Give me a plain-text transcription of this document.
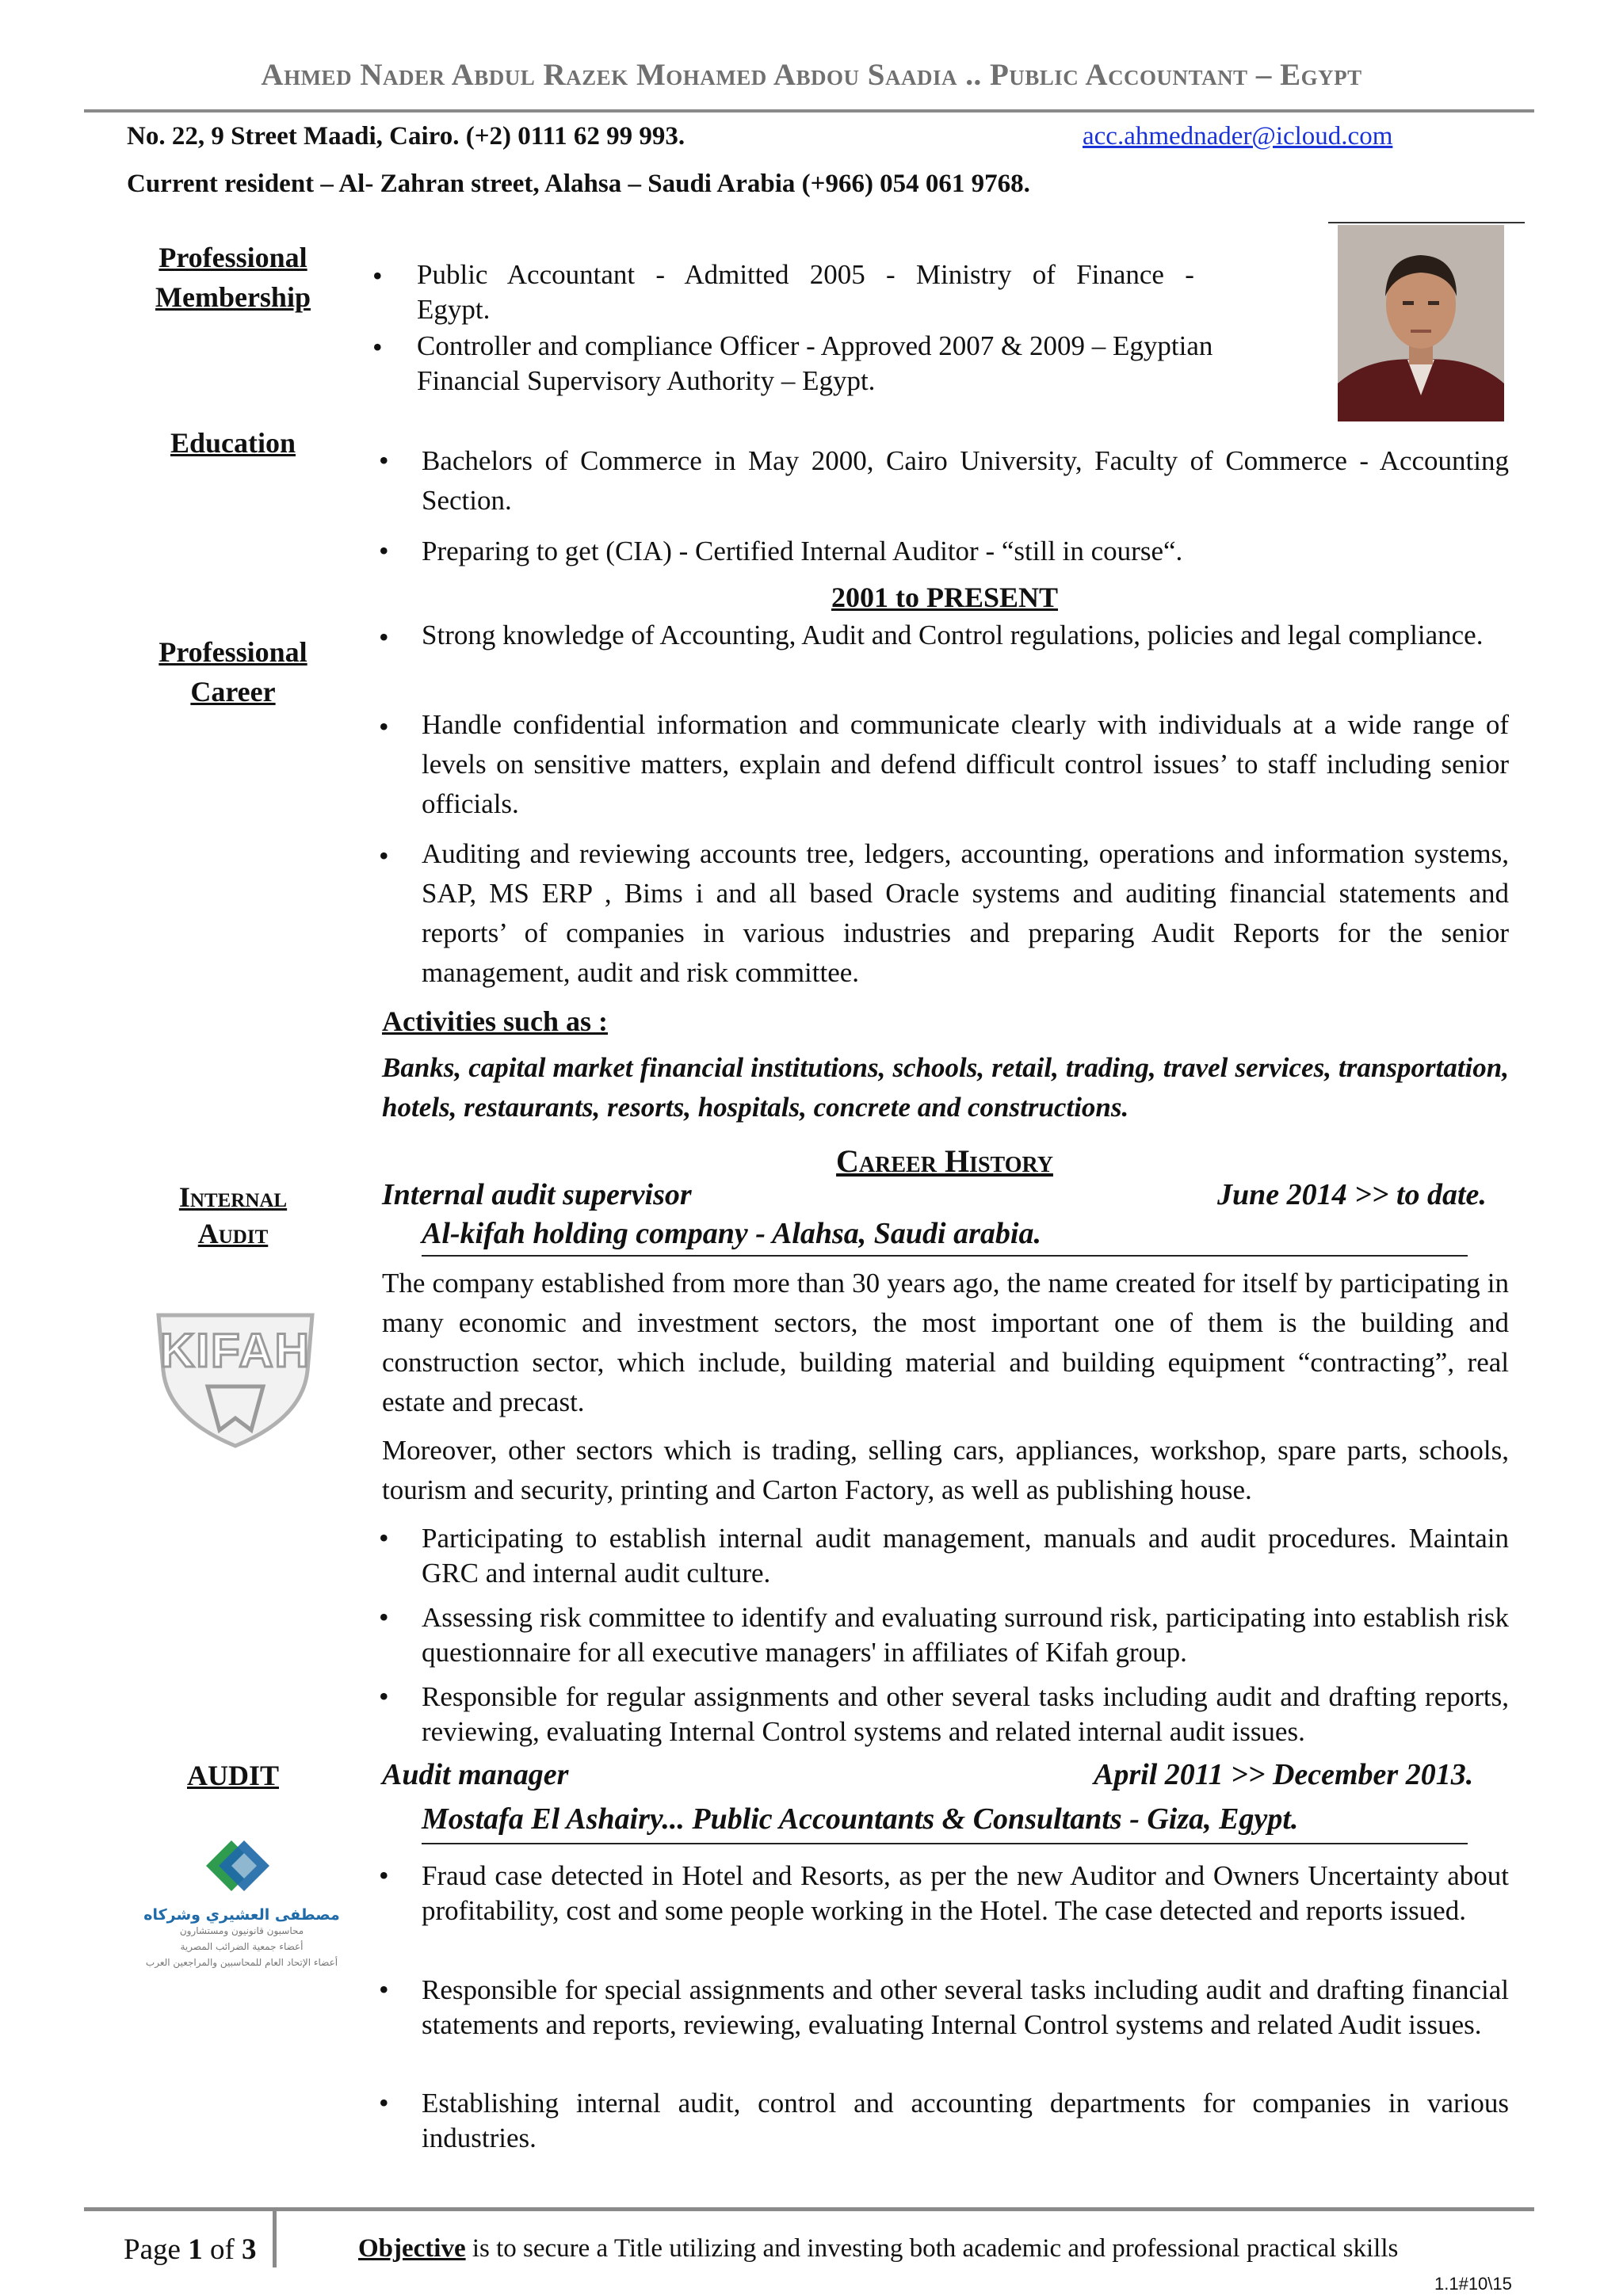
Ahmed Nader Abdul Razek Mohamed Abdou Saadia .. Public Accountant – Egypt
No. 22, 9 Street Maadi, Cairo. (+2) 0111 62 99 993.	acc.ahmednader@icloud.com
Current resident – Al- Zahran street, Alahsa – Saudi Arabia (+966) 054 061 9768.
Professional
Membership
• Public   Accountant   -   Admitted   2005   -   Ministry   of   Finance   -
Egypt.
• Controller and compliance Officer - Approved 2007 & 2009 – Egyptian
Financial Supervisory Authority – Egypt.
Education
• Bachelors of Commerce in May 2000, Cairo University, Faculty of Commerce - Accounting Section.
• Preparing to get (CIA) - Certified Internal Auditor - “still in course“.
2001 to PRESENT
Professional
Career
• Strong knowledge of Accounting, Audit and Control regulations, policies and legal compliance.
• Handle confidential information and communicate clearly with individuals at a wide range of levels on sensitive matters, explain and defend difficult control issues’ to staff including senior officials.
• Auditing and reviewing accounts tree, ledgers, accounting, operations and information systems, SAP, MS ERP , Bims i and all based Oracle systems and auditing financial statements and reports’ of companies in various industries and preparing Audit Reports for the senior management, audit and risk committee.
Activities such as :
Banks, capital market financial institutions, schools, retail, trading, travel services, transportation, hotels, restaurants, resorts, hospitals, concrete and constructions.
Career History
Internal
Audit
KIFAH
Internal audit supervisor	June 2014 >> to date.
Al-kifah holding company - Alahsa, Saudi arabia.
The company established from more than 30 years ago, the name created for itself by participating in many economic and investment sectors, the most important one of them is the building and construction sector, which include, building material and building equipment “contracting”, real estate and precast.
Moreover, other sectors which is trading, selling cars, appliances, workshop, spare parts, schools, tourism and security, printing and Carton Factory, as well as publishing house.
• Participating to establish internal audit management, manuals and audit procedures. Maintain GRC and internal audit culture.
• Assessing risk committee to identify and evaluating surround risk, participating into establish risk questionnaire for all executive managers' in affiliates of Kifah group.
• Responsible for regular assignments and other several tasks including audit and drafting reports, reviewing, evaluating Internal Control systems and related internal audit issues.
AUDIT
مصطفى العشيري وشركاه
محاسبون قانونيون ومستشارون
أعضاء جمعية الضرائب المصرية
أعضاء الإتحاد العام للمحاسبين والمراجعين العرب
Audit manager	April 2011 >> December 2013.
Mostafa El Ashairy... Public Accountants & Consultants - Giza, Egypt.
• Fraud case detected in Hotel and Resorts, as per the new Auditor and Owners Uncertainty about profitability, cost and some people working in the Hotel. The case detected and reports issued.
• Responsible for special assignments and other several tasks including audit and drafting financial statements and reports, reviewing, evaluating Internal Control systems and related Audit issues.
• Establishing internal audit, control and accounting departments for companies in various industries.
Page 1 of 3	Objective is to secure a Title utilizing and investing both academic and professional practical skills
1.1#10\15
